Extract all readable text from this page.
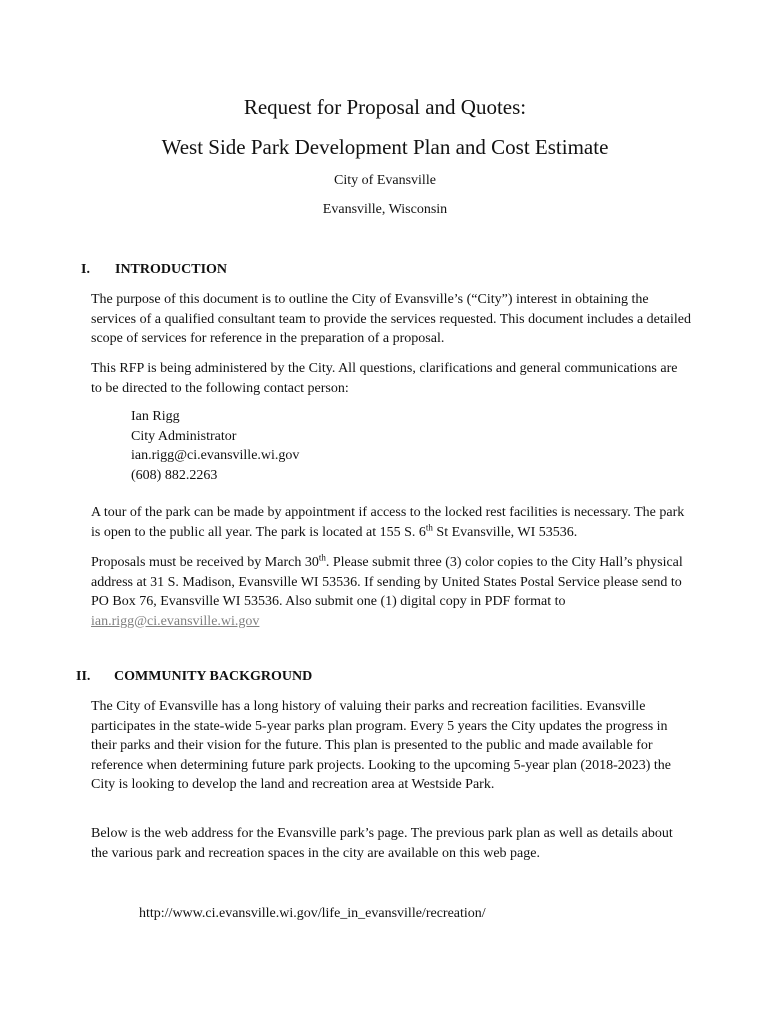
Request for Proposal and Quotes:
West Side Park Development Plan and Cost Estimate
City of Evansville
Evansville, Wisconsin
I. INTRODUCTION

The purpose of this document is to outline the City of Evansville’s (“City”) interest in obtaining the services of a qualified consultant team to provide the services requested. This document includes a detailed scope of services for reference in the preparation of a proposal.

This RFP is being administered by the City. All questions, clarifications and general communications are to be directed to the following contact person:

Ian Rigg
City Administrator
ian.rigg@ci.evansville.wi.gov
(608) 882.2263

A tour of the park can be made by appointment if access to the locked rest facilities is necessary. The park is open to the public all year. The park is located at 155 S. 6th St Evansville, WI 53536.

Proposals must be received by March 30th. Please submit three (3) color copies to the City Hall’s physical address at 31 S. Madison, Evansville WI 53536. If sending by United States Postal Service please send to PO Box 76, Evansville WI 53536. Also submit one (1) digital copy in PDF format to ian.rigg@ci.evansville.wi.gov

II. COMMUNITY BACKGROUND

The City of Evansville has a long history of valuing their parks and recreation facilities. Evansville participates in the state-wide 5-year parks plan program. Every 5 years the City updates the progress in their parks and their vision for the future. This plan is presented to the public and made available for reference when determining future park projects. Looking to the upcoming 5-year plan (2018-2023) the City is looking to develop the land and recreation area at Westside Park.

Below is the web address for the Evansville park’s page. The previous park plan as well as details about the various park and recreation spaces in the city are available on this web page.

http://www.ci.evansville.wi.gov/life_in_evansville/recreation/
